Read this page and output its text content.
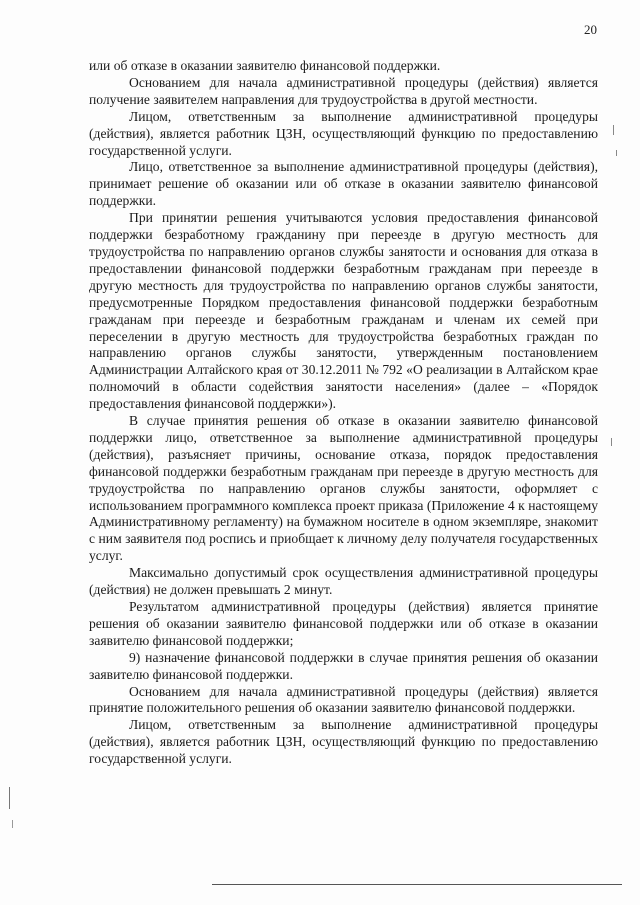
20

или об отказе в оказании заявителю финансовой поддержки.

Основанием для начала административной процедуры (действия) является получение заявителем направления для трудоустройства в другой местности.

Лицом, ответственным за выполнение административной процедуры (действия), является работник ЦЗН, осуществляющий функцию по предоставлению государственной услуги.

Лицо, ответственное за выполнение административной процедуры (действия), принимает решение об оказании или об отказе в оказании заявителю финансовой поддержки.

При принятии решения учитываются условия предоставления финансовой поддержки безработному гражданину при переезде в другую местность для трудоустройства по направлению органов службы занятости и основания для отказа в предоставлении финансовой поддержки безработным гражданам при переезде в другую местность для трудоустройства по направлению органов службы занятости, предусмотренные Порядком предоставления финансовой поддержки безработным гражданам при переезде и безработным гражданам и членам их семей при переселении в другую местность для трудоустройства безработных граждан по направлению органов службы занятости, утвержденным постановлением Администрации Алтайского края от 30.12.2011 № 792 «О реализации в Алтайском крае полномочий в области содействия занятости населения» (далее – «Порядок предоставления финансовой поддержки»).

В случае принятия решения об отказе в оказании заявителю финансовой поддержки лицо, ответственное за выполнение административной процедуры (действия), разъясняет причины, основание отказа, порядок предоставления финансовой поддержки безработным гражданам при переезде в другую местность для трудоустройства по направлению органов службы занятости, оформляет с использованием программного комплекса проект приказа (Приложение 4 к настоящему Административному регламенту) на бумажном носителе в одном экземпляре, знакомит с ним заявителя под роспись и приобщает к личному делу получателя государственных услуг.

Максимально допустимый срок осуществления административной процедуры (действия) не должен превышать 2 минут.

Результатом административной процедуры (действия) является принятие решения об оказании заявителю финансовой поддержки или об отказе в оказании заявителю финансовой поддержки;

9) назначение финансовой поддержки в случае принятия решения об оказании заявителю финансовой поддержки.

Основанием для начала административной процедуры (действия) является принятие положительного решения об оказании заявителю финансовой поддержки.

Лицом, ответственным за выполнение административной процедуры (действия), является работник ЦЗН, осуществляющий функцию по предоставлению государственной услуги.
